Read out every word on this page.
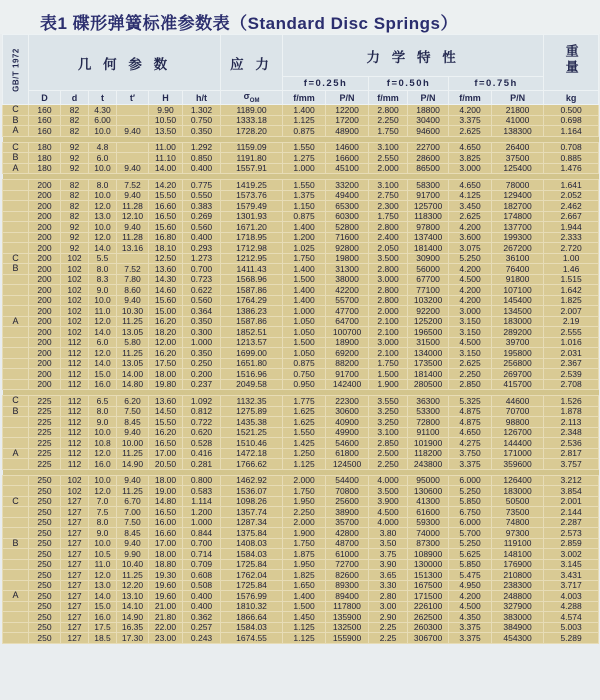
表1 碟形弹簧标准参数表（Standard Disc Springs）
GB/T 1972	几 何 参 数						应 力	力 学 特 性						重量
								f=0.25h		f=0.50h		f=0.75h		
	D	d	t	t′	H	h/t	$\sigma_{OM}$	f/mm	P/N	f/mm	P/N	f/mm	P/N	kg
C	160	82	4.30		9.90	1.302	1189.00	1.400	12200	2.800	18800	4.200	21800	0.500
B	160	82	6.00		10.50	0.750	1333.18	1.125	17200	2.250	30400	3.375	41000	0.698
A	160	82	10.0	9.40	13.50	0.350	1728.20	0.875	48900	1.750	94600	2.625	138300	1.164

C	180	92	4.8		11.00	1.292	1159.09	1.550	14600	3.100	22700	4.650	26400	0.708
B	180	92	6.0		11.10	0.850	1191.80	1.275	16600	2.550	28600	3.825	37500	0.885
A	180	92	10.0	9.40	14.00	0.400	1557.91	1.000	45100	2.000	86500	3.000	125400	1.476

	200	82	8.0	7.52	14.20	0.775	1419.25	1.550	33200	3.100	58300	4.650	78000	1.641
	200	82	10.0	9.40	15.50	0.550	1573.76	1.375	49400	2.750	91700	4.125	129400	2.052
	200	82	12.0	11.28	16.60	0.383	1579.49	1.150	65300	2.300	125700	3.450	182700	2.462
	200	82	13.0	12.10	16.50	0.269	1301.93	0.875	60300	1.750	118300	2.625	174800	2.667
	200	92	10.0	9.40	15.60	0.560	1671.20	1.400	52800	2.800	97800	4.200	137700	1.944
	200	92	12.0	11.28	16.80	0.400	1718.95	1.200	71600	2.400	137400	3.600	199300	2.333
	200	92	14.0	13.16	18.10	0.293	1712.98	1.025	92800	2.050	181400	3.075	267200	2.720
C	200	102	5.5		12.50	1.273	1212.95	1.750	19800	3.500	30900	5.250	36100	1.00
B	200	102	8.0	7.52	13.60	0.700	1411.43	1.400	31300	2.800	56000	4.200	76400	1.46
	200	102	8.3	7.80	14.30	0.723	1568.96	1.500	38000	3.000	67700	4.500	91800	1.515
	200	102	9.0	8.60	14.60	0.622	1587.86	1.400	42200	2.800	77100	4.200	107100	1.642
	200	102	10.0	9.40	15.60	0.560	1764.29	1.400	55700	2.800	103200	4.200	145400	1.825
	200	102	11.0	10.30	15.00	0.364	1386.23	1.000	47700	2.000	92200	3.000	134500	2.007
A	200	102	12.0	11.25	16.20	0.350	1587.86	1.050	64700	2.100	125200	3.150	183000	2.19
	200	102	14.0	13.05	18.20	0.300	1852.51	1.050	100700	2.100	196500	3.150	289200	2.555
	200	112	6.0	5.80	12.00	1.000	1213.57	1.500	18900	3.000	31500	4.500	39700	1.016
	200	112	12.0	11.25	16.20	0.350	1699.00	1.050	69200	2.100	134000	3.150	195800	2.031
	200	112	14.0	13.05	17.50	0.250	1651.80	0.875	88200	1.750	173500	2.625	256800	2.367
	200	112	15.0	14.00	18.00	0.200	1516.96	0.750	91700	1.500	181400	2.250	269700	2.539
	200	112	16.0	14.80	19.80	0.237	2049.58	0.950	142400	1.900	280500	2.850	415700	2.708

C	225	112	6.5	6.20	13.60	1.092	1132.35	1.775	22300	3.550	36300	5.325	44600	1.526
B	225	112	8.0	7.50	14.50	0.812	1275.89	1.625	30600	3.250	53300	4.875	70700	1.878
	225	112	9.0	8.45	15.50	0.722	1435.38	1.625	40900	3.250	72800	4.875	98800	2.113
	225	112	10.0	9.40	16.20	0.620	1521.25	1.550	49900	3.100	91100	4.650	126700	2.348
	225	112	10.8	10.00	16.50	0.528	1510.46	1.425	54600	2.850	101900	4.275	144400	2.536
A	225	112	12.0	11.25	17.00	0.416	1472.18	1.250	61800	2.500	118200	3.750	171000	2.817
	225	112	16.0	14.90	20.50	0.281	1766.62	1.125	124500	2.250	243800	3.375	359600	3.757

	250	102	10.0	9.40	18.00	0.800	1462.92	2.000	54400	4.000	95000	6.000	126400	3.212
	250	102	12.0	11.25	19.00	0.583	1536.07	1.750	70800	3.500	130600	5.250	183000	3.854
C	250	127	7.0	6.70	14.80	1.114	1098.26	1.950	25600	3.900	41300	5.850	50500	2.001
	250	127	7.5	7.00	16.50	1.200	1357.74	2.250	38900	4.500	61600	6.750	73500	2.144
	250	127	8.0	7.50	16.00	1.000	1287.34	2.000	35700	4.000	59300	6.000	74800	2.287
	250	127	9.0	8.45	16.60	0.844	1375.84	1.900	42800	3.80	74000	5.700	97300	2.573
B	250	127	10.0	9.40	17.00	0.700	1408.03	1.750	48700	3.50	87300	5.250	119100	2.859
	250	127	10.5	9.90	18.00	0.714	1584.03	1.875	61000	3.75	108900	5.625	148100	3.002
	250	127	11.0	10.40	18.80	0.709	1725.84	1.950	72700	3.90	130000	5.850	176900	3.145
	250	127	12.0	11.25	19.30	0.608	1762.04	1.825	82600	3.65	151300	5.475	210800	3.431
	250	127	13.0	12.20	19.60	0.508	1725.84	1.650	89300	3.30	167500	4.950	238300	3.717
A	250	127	14.0	13.10	19.60	0.400	1576.99	1.400	89400	2.80	171500	4.200	248800	4.003
	250	127	15.0	14.10	21.00	0.400	1810.32	1.500	117800	3.00	226100	4.500	327900	4.288
	250	127	16.0	14.90	21.80	0.362	1866.64	1.450	135900	2.90	262500	4.350	383000	4.574
	250	127	17.5	16.35	22.00	0.257	1584.03	1.125	132500	2.25	260300	3.375	384900	5.003
	250	127	18.5	17.30	23.00	0.243	1674.55	1.125	155900	2.25	306700	3.375	454300	5.289
